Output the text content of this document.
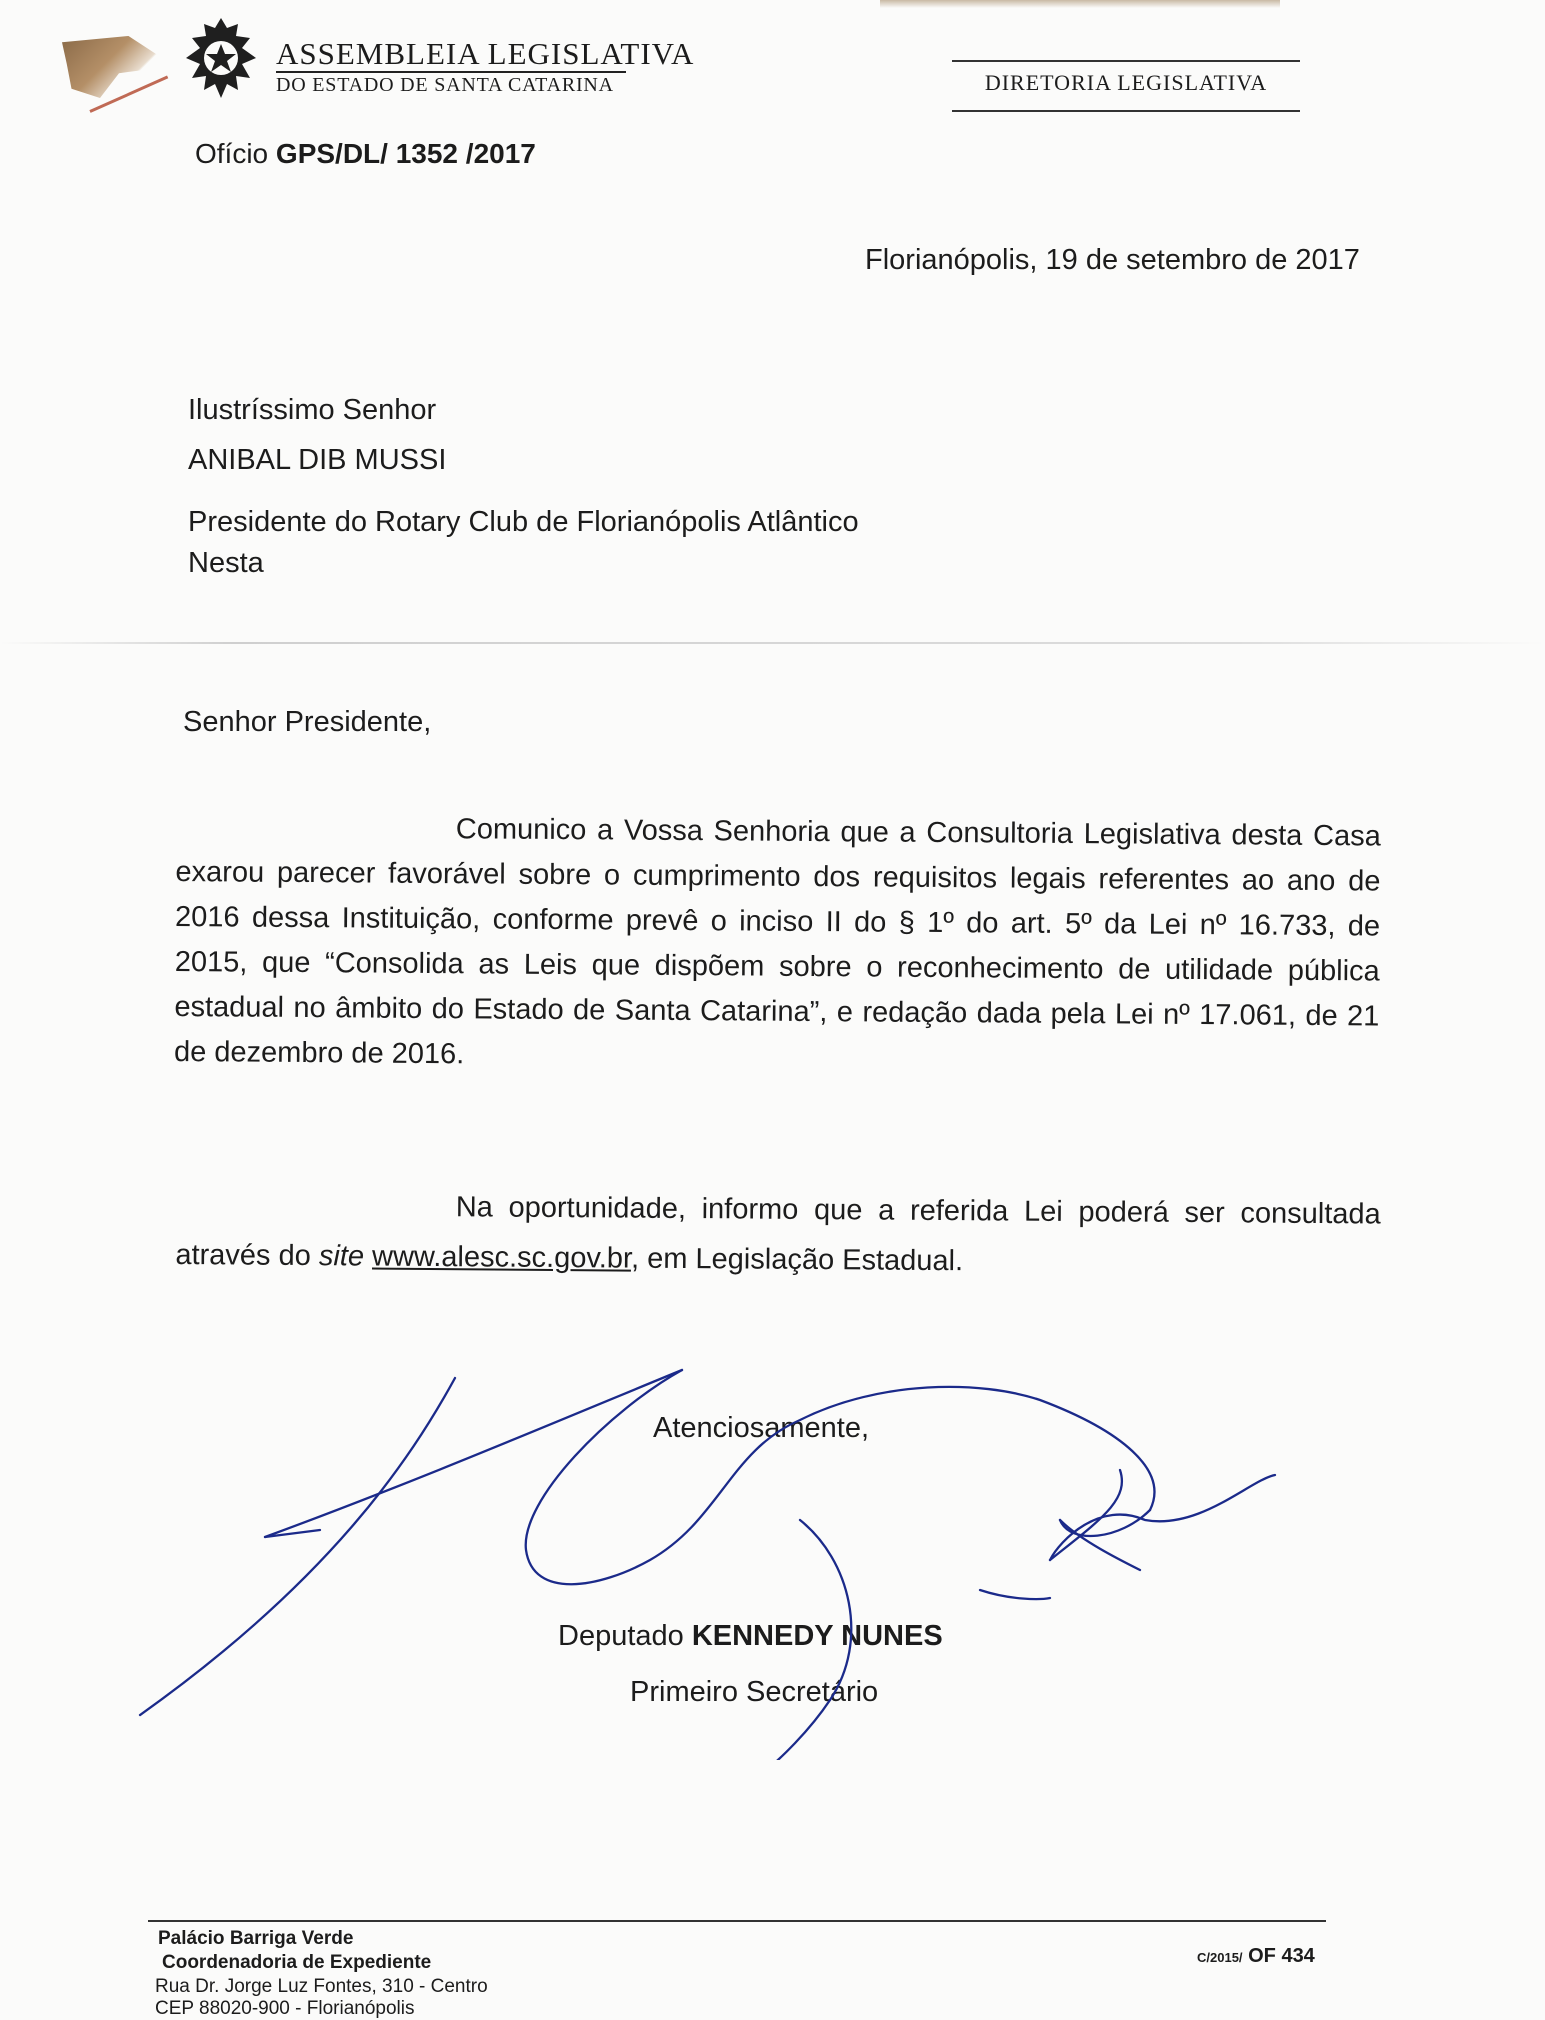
ASSEMBLEIA LEGISLATIVA
DO ESTADO DE SANTA CATARINA	DIRETORIA LEGISLATIVA
Ofício GPS/DL/ 1352 /2017
Florianópolis, 19 de setembro de 2017
Ilustríssimo Senhor
ANIBAL DIB MUSSI
Presidente do Rotary Club de Florianópolis Atlântico
Nesta
Senhor Presidente,
Comunico a Vossa Senhoria que a Consultoria Legislativa desta Casa exarou parecer favorável sobre o cumprimento dos requisitos legais referentes ao ano de 2016 dessa Instituição, conforme prevê o inciso II do § 1º do art. 5º da Lei nº 16.733, de 2015, que “Consolida as Leis que dispõem sobre o reconhecimento de utilidade pública estadual no âmbito do Estado de Santa Catarina”, e redação dada pela Lei nº 17.061, de 21 de dezembro de 2016.
Na oportunidade, informo que a referida Lei poderá ser consultada através do site www.alesc.sc.gov.br, em Legislação Estadual.
Atenciosamente,
Deputado KENNEDY NUNES
Primeiro Secretário
Palácio Barriga Verde
Coordenadoria de Expediente
Rua Dr. Jorge Luz Fontes, 310 - Centro
CEP 88020-900 - Florianópolis
C/2015/ OF 434
